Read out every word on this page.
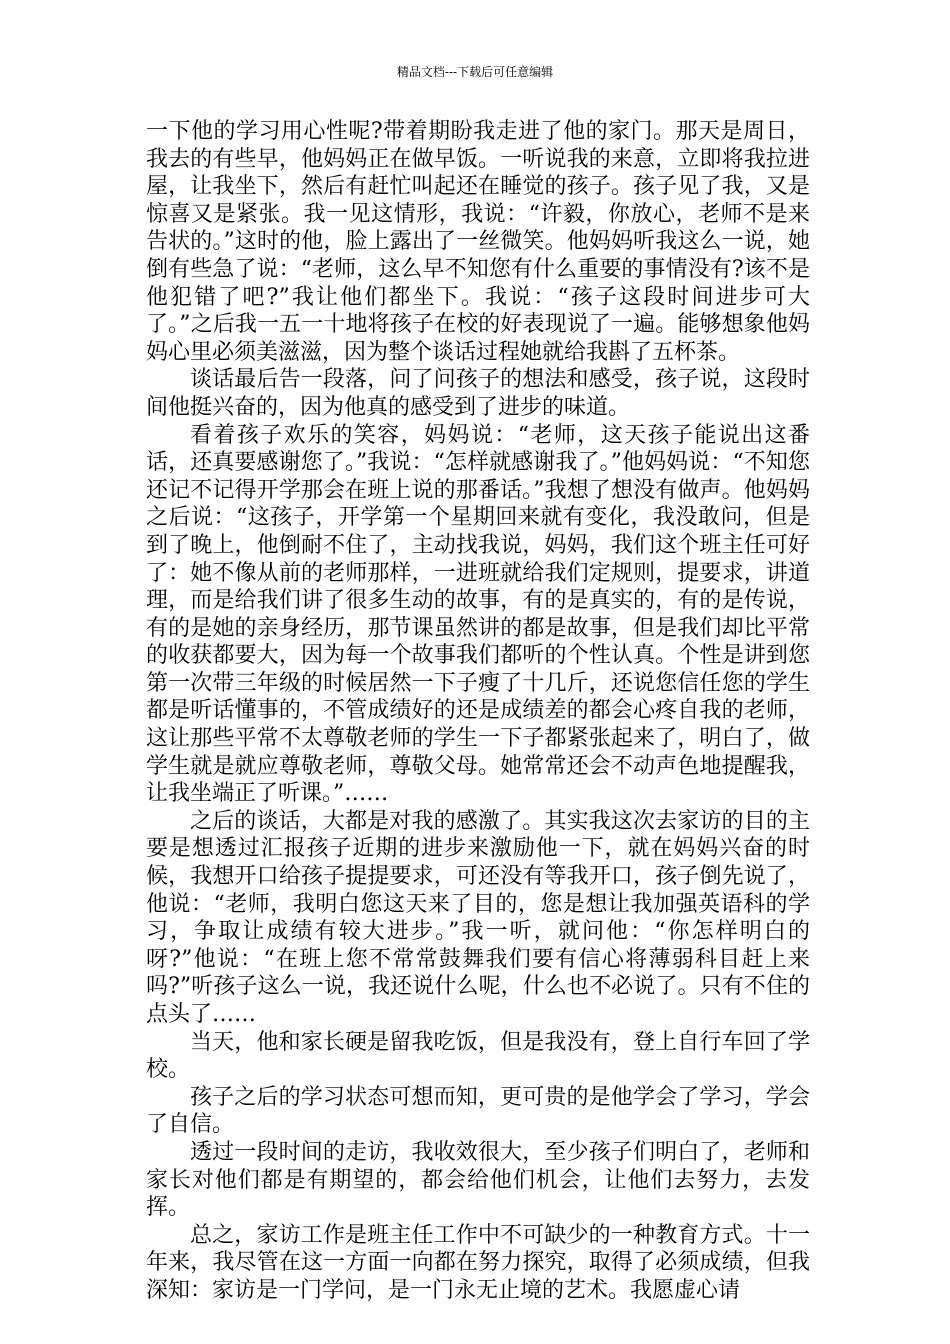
精品文档---下载后可任意编辑

一下他的学习用心性呢?带着期盼我走进了他的家门。那天是周日，我去的有些早，他妈妈正在做早饭。一听说我的来意，立即将我拉进屋，让我坐下，然后有赶忙叫起还在睡觉的孩子。孩子见了我，又是惊喜又是紧张。我一见这情形，我说：“许毅，你放心，老师不是来告状的。”这时的他，脸上露出了一丝微笑。他妈妈听我这么一说，她倒有些急了说：“老师，这么早不知您有什么重要的事情没有?该不是他犯错了吧?”我让他们都坐下。我说：“孩子这段时间进步可大了。”之后我一五一十地将孩子在校的好表现说了一遍。能够想象他妈妈心里必须美滋滋，因为整个谈话过程她就给我斟了五杯茶。

谈话最后告一段落，问了问孩子的想法和感受，孩子说，这段时间他挺兴奋的，因为他真的感受到了进步的味道。

看着孩子欢乐的笑容，妈妈说：“老师，这天孩子能说出这番话，还真要感谢您了。”我说：“怎样就感谢我了。”他妈妈说：“不知您还记不记得开学那会在班上说的那番话。”我想了想没有做声。他妈妈之后说：“这孩子，开学第一个星期回来就有变化，我没敢问，但是到了晚上，他倒耐不住了，主动找我说，妈妈，我们这个班主任可好了：她不像从前的老师那样，一进班就给我们定规则，提要求，讲道理，而是给我们讲了很多生动的故事，有的是真实的，有的是传说，有的是她的亲身经历，那节课虽然讲的都是故事，但是我们却比平常的收获都要大，因为每一个故事我们都听的个性认真。个性是讲到您第一次带三年级的时候居然一下子瘦了十几斤，还说您信任您的学生都是听话懂事的，不管成绩好的还是成绩差的都会心疼自我的老师，这让那些平常不太尊敬老师的学生一下子都紧张起来了，明白了，做学生就是就应尊敬老师，尊敬父母。她常常还会不动声色地提醒我，让我坐端正了听课。”……

之后的谈话，大都是对我的感激了。其实我这次去家访的目的主要是想透过汇报孩子近期的进步来激励他一下，就在妈妈兴奋的时候，我想开口给孩子提提要求，可还没有等我开口，孩子倒先说了，他说：“老师，我明白您这天来了目的，您是想让我加强英语科的学习，争取让成绩有较大进步。”我一听，就问他：“你怎样明白的呀?”他说：“在班上您不常常鼓舞我们要有信心将薄弱科目赶上来吗?”听孩子这么一说，我还说什么呢，什么也不必说了。只有不住的点头了……

当天，他和家长硬是留我吃饭，但是我没有，登上自行车回了学校。

孩子之后的学习状态可想而知，更可贵的是他学会了学习，学会了自信。

透过一段时间的走访，我收效很大，至少孩子们明白了，老师和家长对他们都是有期望的，都会给他们机会，让他们去努力，去发挥。

总之，家访工作是班主任工作中不可缺少的一种教育方式。十一年来，我尽管在这一方面一向都在努力探究，取得了必须成绩，但我深知：家访是一门学问，是一门永无止境的艺术。我愿虚心请
